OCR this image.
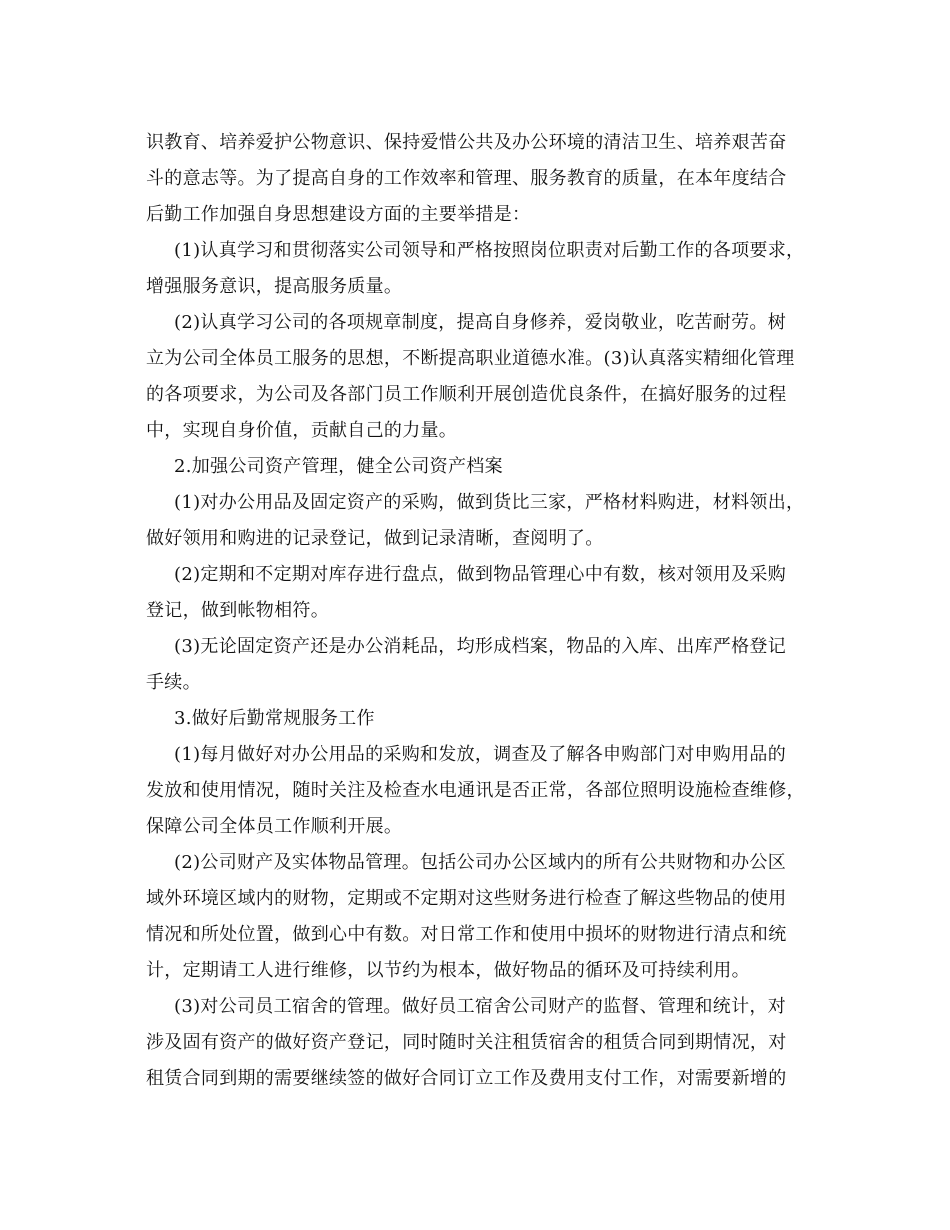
识教育、培养爱护公物意识、保持爱惜公共及办公环境的清洁卫生、培养艰苦奋
斗的意志等。为了提高自身的工作效率和管理、服务教育的质量，在本年度结合
后勤工作加强自身思想建设方面的主要举措是：
(1)认真学习和贯彻落实公司领导和严格按照岗位职责对后勤工作的各项要求，
增强服务意识，提高服务质量。
(2)认真学习公司的各项规章制度，提高自身修养，爱岗敬业，吃苦耐劳。树
立为公司全体员工服务的思想，不断提高职业道德水准。(3)认真落实精细化管理
的各项要求，为公司及各部门员工作顺利开展创造优良条件，在搞好服务的过程
中，实现自身价值，贡献自己的力量。
2.加强公司资产管理，健全公司资产档案
(1)对办公用品及固定资产的采购，做到货比三家，严格材料购进，材料领出，
做好领用和购进的记录登记，做到记录清晰，查阅明了。
(2)定期和不定期对库存进行盘点，做到物品管理心中有数，核对领用及采购
登记，做到帐物相符。
(3)无论固定资产还是办公消耗品，均形成档案，物品的入库、出库严格登记
手续。
3.做好后勤常规服务工作
(1)每月做好对办公用品的采购和发放，调查及了解各申购部门对申购用品的
发放和使用情况，随时关注及检查水电通讯是否正常，各部位照明设施检查维修，
保障公司全体员工作顺利开展。
(2)公司财产及实体物品管理。包括公司办公区域内的所有公共财物和办公区
域外环境区域内的财物，定期或不定期对这些财务进行检查了解这些物品的使用
情况和所处位置，做到心中有数。对日常工作和使用中损坏的财物进行清点和统
计，定期请工人进行维修，以节约为根本，做好物品的循环及可持续利用。
(3)对公司员工宿舍的管理。做好员工宿舍公司财产的监督、管理和统计，对
涉及固有资产的做好资产登记，同时随时关注租赁宿舍的租赁合同到期情况，对
租赁合同到期的需要继续签的做好合同订立工作及费用支付工作，对需要新增的
